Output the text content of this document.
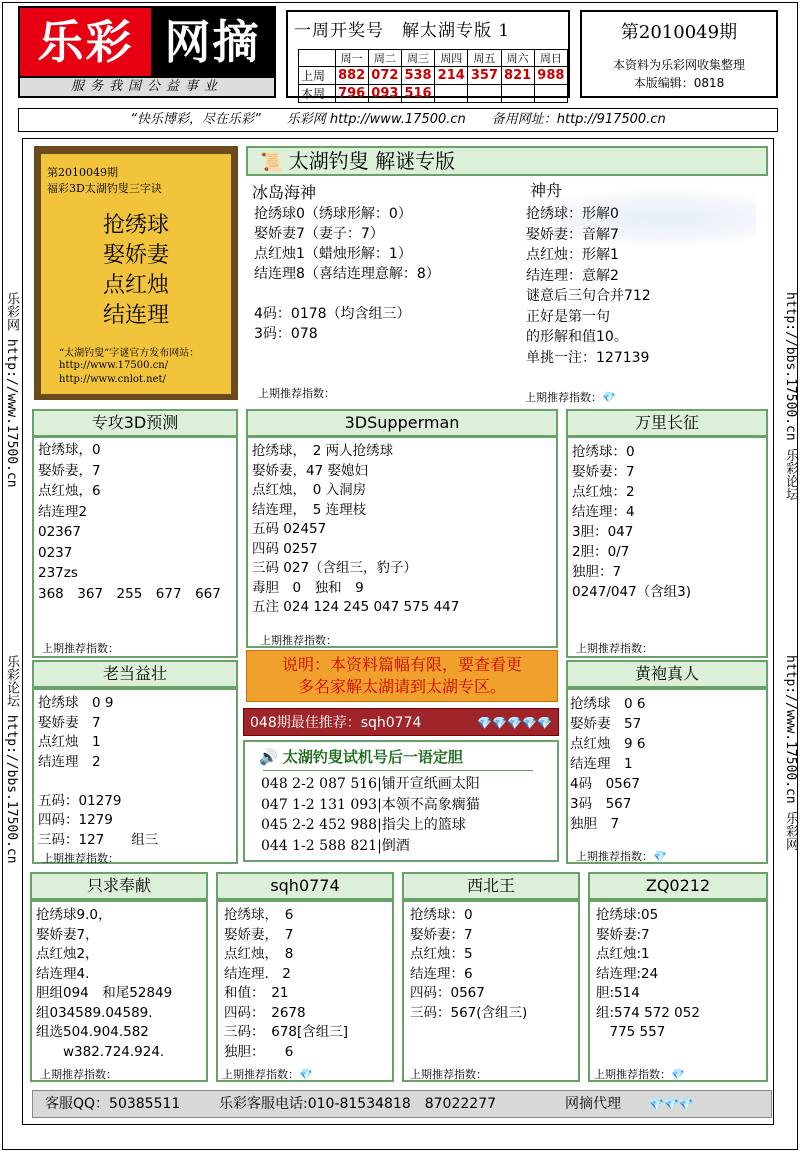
乐彩 网摘
服务我国公益事业
一周开奖号　解太湖专版 1
	周一	周二	周三	周四	周五	周六	周日
上周	882	072	538	214	357	821	988
本周	796	093	516				
第2010049期
本资料为乐彩网收集整理
本版编辑：0818
“快乐博彩，尽在乐彩”　　乐彩网 http://www.17500.cn　　备用网址：http://917500.cn
乐彩网 http://www.17500.cn
乐彩论坛 http://bbs.17500.cn
http://bbs.17500.cn 乐彩论坛
http://www.17500.cn 乐彩网
第2010049期
福彩3D太湖钓叟三字诀
抢绣球
娶娇妻
点红烛
结连理
“太湖钓叟”字谜官方发布网站：
http://www.17500.cn/
http://www.cnlot.net/
📜 太湖钓叟 解谜专版
冰岛海神
抢绣球0（绣球形解：0）
娶娇妻7（妻子：7）
点红烛1（蜡烛形解：1）
结连理8（喜结连理意解：8）

4码：0178（均含组三）
3码：078
神舟
抢绣球：形解0
娶娇妻：音解7
点红烛：形解1
结连理：意解2
谜意后三句合并712
正好是第一句
的形解和值10。
单挑一注：127139
上期推荐指数：	上期推荐指数：💎
专攻3D预测
抢绣球，0
娶娇妻，7
点红烛，6
结连理2
02367
0237
237zs
368　367　255　677　667
上期推荐指数：
3DSupperman
抢绣球，　2 两人抢绣球
娶娇妻，47 娶媳妇
点红烛，　0 入洞房
结连理，　5 连理枝
五码 02457
四码 0257
三码 027（含组三，豹子）
毒胆　0　独和　9
五注 024 124 245 047 575 447
上期推荐指数：
万里长征
抢绣球：0
娶娇妻：7
点红烛：2
结连理：4
3胆：047
2胆：0/7
独胆：7
0247/047（含组3)
上期推荐指数：
说明：本资料篇幅有限，要查看更
多名家解太湖请到太湖专区。
048期最佳推荐：sqh0774	💎💎💎💎💎
🔊 太湖钓叟试机号后一语定胆
048 2-2 087 516|铺开宣纸画太阳
047 1-2 131 093|本领不高象瘸猫
045 2-2 452 988|指尖上的篮球
044 1-2 588 821|倒酒
老当益壮
抢绣球　0 9
娶娇妻　7
点红烛　1
结连理　2

五码：01279
四码：1279
三码：127　　组三
上期推荐指数：
黄袍真人
抢绣球　0 6
娶娇妻　57
点红烛　9 6
结连理　1
4码　0567
3码　567
独胆　7
上期推荐指数：💎
只求奉献
抢绣球9.0，
娶娇妻7，
点红烛2，
结连理4.
胆组094　和尾52849
组034589.04589.
组选504.904.582
　　w382.724.924.
上期推荐指数：
sqh0774
抢绣球，　6
娶娇妻，　7
点红烛，　8
结连理.　2
和值：　21
四码：　2678
三码：　678[含组三]
独胆：　　6
上期推荐指数：💎
西北王
抢绣球：0
娶娇妻：7
点红烛：5
结连理：6
四码：0567
三码：567(含组三)
上期推荐指数：
ZQ0212
抢绣球:05
娶娇妻:7
点红烛:1
结连理:24
胆:514
组:574 572 052
　775 557
上期推荐指数：💎
客服QQ：50385511	乐彩客服电话:010-81534818　87022277	网摘代理 💎💎💎
